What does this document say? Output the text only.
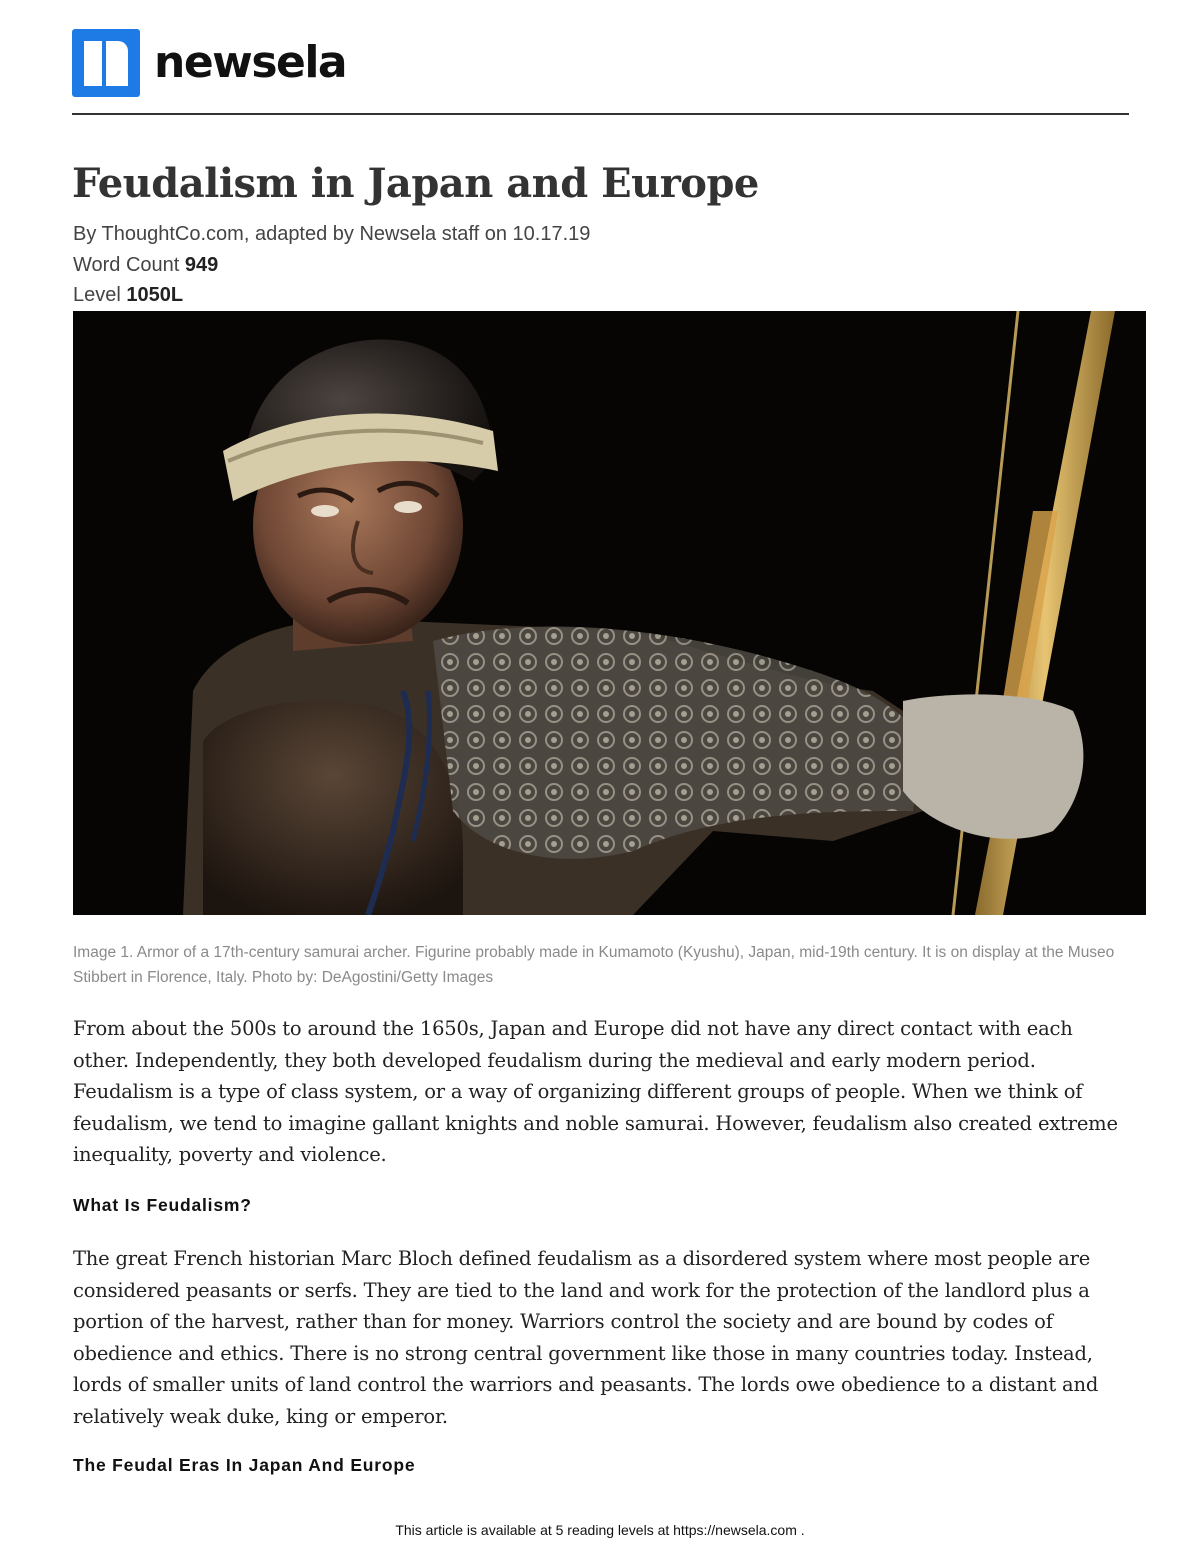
newsela
Feudalism in Japan and Europe
By ThoughtCo.com, adapted by Newsela staff on 10.17.19
Word Count 949
Level 1050L
Image 1. Armor of a 17th-century samurai archer. Figurine probably made in Kumamoto (Kyushu), Japan, mid-19th century. It is on display at the Museo Stibbert in Florence, Italy. Photo by: DeAgostini/Getty Images

From about the 500s to around the 1650s, Japan and Europe did not have any direct contact with each other. Independently, they both developed feudalism during the medieval and early modern period. Feudalism is a type of class system, or a way of organizing different groups of people. When we think of feudalism, we tend to imagine gallant knights and noble samurai. However, feudalism also created extreme inequality, poverty and violence.

What Is Feudalism?

The great French historian Marc Bloch defined feudalism as a disordered system where most people are considered peasants or serfs. They are tied to the land and work for the protection of the landlord plus a portion of the harvest, rather than for money. Warriors control the society and are bound by codes of obedience and ethics. There is no strong central government like those in many countries today. Instead, lords of smaller units of land control the warriors and peasants. The lords owe obedience to a distant and relatively weak duke, king or emperor.

The Feudal Eras In Japan And Europe
This article is available at 5 reading levels at https://newsela.com .
